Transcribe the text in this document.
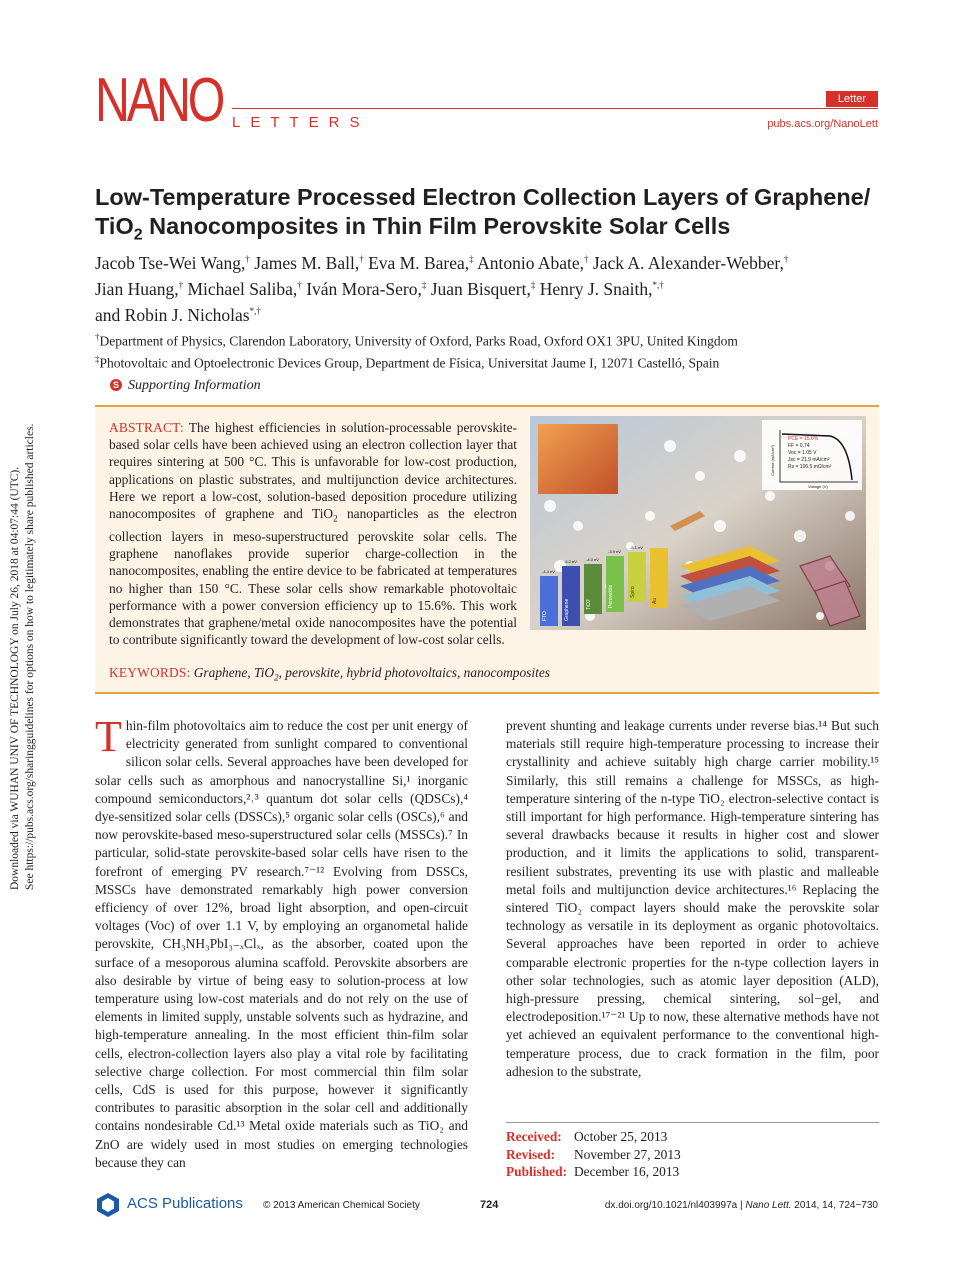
NANO LETTERS
Letter
pubs.acs.org/NanoLett
Low-Temperature Processed Electron Collection Layers of Graphene/
TiO$_2$ Nanocomposites in Thin Film Perovskite Solar Cells
Jacob Tse-Wei Wang,† James M. Ball,† Eva M. Barea,‡ Antonio Abate,† Jack A. Alexander-Webber,†
Jian Huang,† Michael Saliba,† Iván Mora-Sero,‡ Juan Bisquert,‡ Henry J. Snaith,*,†
and Robin J. Nicholas*,†
†Department of Physics, Clarendon Laboratory, University of Oxford, Parks Road, Oxford OX1 3PU, United Kingdom
‡Photovoltaic and Optoelectronic Devices Group, Department de Física, Universitat Jaume I, 12071 Castelló, Spain
S Supporting Information
ABSTRACT: The highest efficiencies in solution-processable perovskite-based solar cells have been achieved using an electron collection layer that requires sintering at 500 °C. This is unfavorable for low-cost production, applications on plastic substrates, and multijunction device architectures. Here we report a low-cost, solution-based deposition procedure utilizing nanocomposites of graphene and TiO$_2$ nanoparticles as the electron collection layers in meso-superstructured perovskite solar cells. The graphene nanoflakes provide superior charge-collection in the nanocomposites, enabling the entire device to be fabricated at temperatures no higher than 150 °C. These solar cells show remarkable photovoltaic performance with a power conversion efficiency up to 15.6%. This work demonstrates that graphene/metal oxide nanocomposites have the potential to contribute significantly toward the development of low-cost solar cells.
PCE = 15.6%
FF = 0.74
Voc = 1.05 V
Jsc = 21.9 mA/cm²
Rs = 106.5 mΩ/cm²
Voltage (V)
Current (mA/cm²)
FTO	Graphene	TiO2	Perovskite	Spiro
Au
-4.4 eV
-4.2 eV -4.0 eV
-3.9 eV
-5.1 eV
KEYWORDS: Graphene, TiO$_2$, perovskite, hybrid photovoltaics, nanocomposites
Downloaded via WUHAN UNIV OF TECHNOLOGY on July 26, 2018 at 04:07:44 (UTC). See https://pubs.acs.org/sharingguidelines for options on how to legitimately share published articles. Thin-film photovoltaics aim to reduce the cost per unit energy of electricity generated from sunlight compared to conventional silicon solar cells. Several approaches have been developed for solar cells such as amorphous and nanocrystalline Si,¹ inorganic compound semiconductors,²˒³ quantum dot solar cells (QDSCs),⁴ dye-sensitized solar cells (DSSCs),⁵ organic solar cells (OSCs),⁶ and now perovskite-based meso-superstructured solar cells (MSSCs).⁷ In particular, solid-state perovskite-based solar cells have risen to the forefront of emerging PV research.⁷⁻¹² Evolving from DSSCs, MSSCs have demonstrated remarkably high power conversion efficiency of over 12%, broad light absorption, and open-circuit voltages (Voc) of over 1.1 V, by employing an organometal halide perovskite, CH₃NH₃PbI₃₋ₓClₓ, as the absorber, coated upon the surface of a mesoporous alumina scaffold. Perovskite absorbers are also desirable by virtue of being easy to solution-process at low temperature using low-cost materials and do not rely on the use of elements in limited supply, unstable solvents such as hydrazine, and high-temperature annealing. In the most efficient thin-film solar cells, electron-collection layers also play a vital role by facilitating selective charge collection. For most commercial thin film solar cells, CdS is used for this purpose, however it significantly contributes to parasitic absorption in the solar cell and additionally contains nondesirable Cd.¹³ Metal oxide materials such as TiO₂ and ZnO are widely used in most studies on emerging technologies because they can
prevent shunting and leakage currents under reverse bias.¹⁴ But such materials still require high-temperature processing to increase their crystallinity and achieve suitably high charge carrier mobility.¹⁵ Similarly, this still remains a challenge for MSSCs, as high-temperature sintering of the n-type TiO₂ electron-selective contact is still important for high performance. High-temperature sintering has several drawbacks because it results in higher cost and slower production, and it limits the applications to solid, transparent-resilient substrates, preventing its use with plastic and malleable metal foils and multijunction device architectures.¹⁶ Replacing the sintered TiO₂ compact layers should make the perovskite solar technology as versatile in its deployment as organic photovoltaics. Several approaches have been reported in order to achieve comparable electronic properties for the n-type collection layers in other solar technologies, such as atomic layer deposition (ALD), high-pressure pressing, chemical sintering, sol−gel, and electrodeposition.¹⁷⁻²¹ Up to now, these alternative methods have not yet achieved an equivalent performance to the conventional high-temperature process, due to crack formation in the film, poor adhesion to the substrate,
Received: October 25, 2013
Revised: November 27, 2013
Published: December 16, 2013
ACS Publications © 2013 American Chemical Society	724	dx.doi.org/10.1021/nl403997a | Nano Lett. 2014, 14, 724−730
